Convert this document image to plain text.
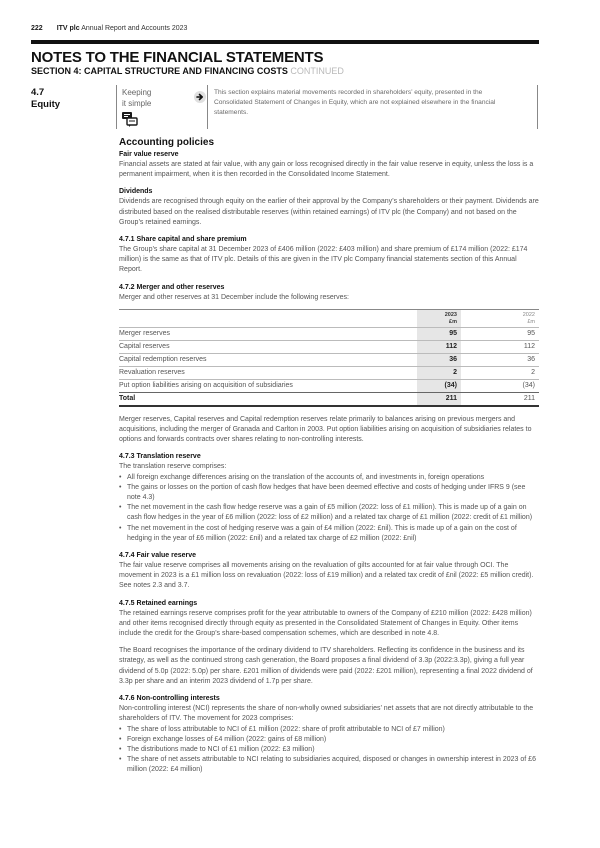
222 ITV plc Annual Report and Accounts 2023
NOTES TO THE FINANCIAL STATEMENTS
SECTION 4: CAPITAL STRUCTURE AND FINANCING COSTS CONTINUED
4.7
Equity
Keeping
it simple
This section explains material movements recorded in shareholders’ equity, presented in the Consolidated Statement of Changes in Equity, which are not explained elsewhere in the financial statements.
Accounting policies
Fair value reserve

Financial assets are stated at fair value, with any gain or loss recognised directly in the fair value reserve in equity, unless the loss is a permanent impairment, when it is then recorded in the Consolidated Income Statement.

Dividends

Dividends are recognised through equity on the earlier of their approval by the Company’s shareholders or their payment. Dividends are distributed based on the realised distributable reserves (within retained earnings) of ITV plc (the Company) and not based on the Group’s retained earnings.

4.7.1 Share capital and share premium

The Group’s share capital at 31 December 2023 of £406 million (2022: £403 million) and share premium of £174 million (2022: £174 million) is the same as that of ITV plc. Details of this are given in the ITV plc Company financial statements section of this Annual Report.

4.7.2 Merger and other reserves
Merger and other reserves at 31 December include the following reserves:

2023
£m

2022
£m

Merger reserves	95		95
Capital reserves	112		112
Capital redemption reserves	36		36
Revaluation reserves	2		2
Put option liabilities arising on acquisition of subsidiaries	(34)		(34)
Total	211		211

Merger reserves, Capital reserves and Capital redemption reserves relate primarily to balances arising on previous mergers and acquisitions, including the merger of Granada and Carlton in 2003. Put option liabilities arising on acquisition of subsidiaries relates to options and forwards contracts over shares relating to non-controlling interests.

4.7.3 Translation reserve
The translation reserve comprises:
• All foreign exchange differences arising on the translation of the accounts of, and investments in, foreign operations
• The gains or losses on the portion of cash flow hedges that have been deemed effective and costs of hedging under IFRS 9 (see note 4.3)
• The net movement in the cash flow hedge reserve was a gain of £5 million (2022: loss of £1 million). This is made up of a gain on cash flow hedges in the year of £6 million (2022: loss of £2 million) and a related tax charge of £1 million (2022: credit of £1 million)
• The net movement in the cost of hedging reserve was a gain of £4 million (2022: £nil). This is made up of a gain on the cost of hedging in the year of £6 million (2022: £nil) and a related tax charge of £2 million (2022: £nil)
4.7.4 Fair value reserve

The fair value reserve comprises all movements arising on the revaluation of gilts accounted for at fair value through OCI. The movement in 2023 is a £1 million loss on revaluation (2022: loss of £19 million) and a related tax credit of £nil (2022: £5 million credit). See notes 2.3 and 3.7.

4.7.5 Retained earnings

The retained earnings reserve comprises profit for the year attributable to owners of the Company of £210 million (2022: £428 million) and other items recognised directly through equity as presented in the Consolidated Statement of Changes in Equity. Other items include the credit for the Group’s share-based compensation schemes, which are described in note 4.8.

The Board recognises the importance of the ordinary dividend to ITV shareholders. Reflecting its confidence in the business and its strategy, as well as the continued strong cash generation, the Board proposes a final dividend of 3.3p (2022:3.3p), giving a full year dividend of 5.0p (2022: 5.0p) per share. £201 million of dividends were paid (2022: £201 million), representing a final 2022 dividend of 3.3p per share and an interim 2023 dividend of 1.7p per share.

4.7.6 Non-controlling interests
Non-controlling interest (NCI) represents the share of non-wholly owned subsidiaries’ net assets that are not directly attributable to the shareholders of ITV. The movement for 2023 comprises:
• The share of loss attributable to NCI of £1 million (2022: share of profit attributable to NCI of £7 million)
• Foreign exchange losses of £4 million (2022: gains of £8 million)
• The distributions made to NCI of £1 million (2022: £3 million)
• The share of net assets attributable to NCI relating to subsidiaries acquired, disposed or changes in ownership interest in 2023 of £6 million (2022: £4 million)
